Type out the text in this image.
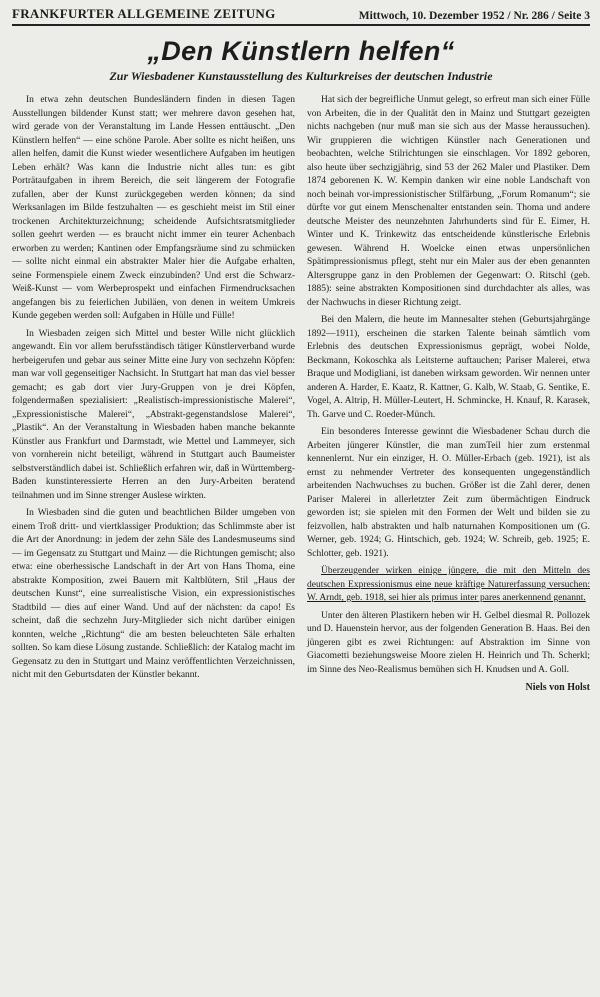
FRANKFURTER ALLGEMEINE ZEITUNG	Mittwoch, 10. Dezember 1952 / Nr. 286 / Seite 3
„Den Künstlern helfen“
Zur Wiesbadener Kunstausstellung des Kulturkreises der deutschen Industrie

In etwa zehn deutschen Bundesländern finden in diesen Tagen Ausstellungen bildender Kunst statt; wer mehrere davon gesehen hat, wird gerade von der Veranstaltung im Lande Hessen enttäuscht. „Den Künstlern helfen“ — eine schöne Parole. Aber sollte es nicht heißen, uns allen helfen, damit die Kunst wieder wesentlichere Aufgaben im heutigen Leben erhält? Was kann die Industrie nicht alles tun: es gibt Porträtaufgaben in ihrem Bereich, die seit längerem der Fotografie zufallen, aber der Kunst zurückgegeben werden können; da sind Werksanlagen im Bilde festzuhalten — es geschieht meist im Stil einer trockenen Architekturzeichnung; scheidende Aufsichtsratsmitglieder sollen geehrt werden — es braucht nicht immer ein teurer Achenbach erworben zu werden; Kantinen oder Empfangsräume sind zu schmücken — sollte nicht einmal ein abstrakter Maler hier die Aufgabe erhalten, seine Formenspiele einem Zweck einzubinden? Und erst die Schwarz-Weiß-Kunst — vom Werbeprospekt und einfachen Firmendrucksachen angefangen bis zu feierlichen Jubiläen, von denen in weitem Umkreis Kunde gegeben werden soll: Aufgaben in Hülle und Fülle!

In Wiesbaden zeigen sich Mittel und bester Wille nicht glücklich angewandt. Ein vor allem berufsständisch tätiger Künstlerverband wurde herbeigerufen und gebar aus seiner Mitte eine Jury von sechzehn Köpfen: man war voll gegenseitiger Nachsicht. In Stuttgart hat man das viel besser gemacht; es gab dort vier Jury-Gruppen von je drei Köpfen, folgendermaßen spezialisiert: „Realistisch-impressionistische Malerei“, „Expressionistische Malerei“, „Abstrakt-gegenstandslose Malerei“, „Plastik“. An der Veranstaltung in Wiesbaden haben manche bekannte Künstler aus Frankfurt und Darmstadt, wie Mettel und Lammeyer, sich von vornherein nicht beteiligt, während in Stuttgart auch Baumeister selbstverständlich dabei ist. Schließlich erfahren wir, daß in Württemberg-Baden kunstinteressierte Herren an den Jury-Arbeiten beratend teilnahmen und im Sinne strenger Auslese wirkten.

In Wiesbaden sind die guten und beachtlichen Bilder umgeben von einem Troß dritt- und viertklassiger Produktion; das Schlimmste aber ist die Art der Anordnung: in jedem der zehn Säle des Landesmuseums sind — im Gegensatz zu Stuttgart und Mainz — die Richtungen gemischt; also etwa: eine oberhessische Landschaft in der Art von Hans Thoma, eine abstrakte Komposition, zwei Bauern mit Kaltblütern, Stil „Haus der deutschen Kunst“, eine surrealistische Vision, ein expressionistisches Stadtbild — dies auf einer Wand. Und auf der nächsten: da capo! Es scheint, daß die sechzehn Jury-Mitglieder sich nicht darüber einigen konnten, welche „Richtung“ die am besten beleuchteten Säle erhalten sollten. So kam diese Lösung zustande. Schließlich: der Katalog macht im Gegensatz zu den in Stuttgart und Mainz veröffentlichten Verzeichnissen, nicht mit den Geburtsdaten der Künstler bekannt.

Hat sich der begreifliche Unmut gelegt, so erfreut man sich einer Fülle von Arbeiten, die in der Qualität den in Mainz und Stuttgart gezeigten nichts nachgeben (nur muß man sie sich aus der Masse heraussuchen). Wir gruppieren die wichtigen Künstler nach Generationen und beobachten, welche Stilrichtungen sie einschlagen. Vor 1892 geboren, also heute über sechzigjährig, sind 53 der 262 Maler und Plastiker. Dem 1874 geborenen K. W. Kempin danken wir eine noble Landschaft von noch beinah vor-impressionistischer Stilfärbung, „Forum Romanum“; sie dürfte vor gut einem Menschenalter entstanden sein. Thoma und andere deutsche Meister des neunzehnten Jahrhunderts sind für E. Eimer, H. Winter und K. Trinkewitz das entscheidende künstlerische Erlebnis gewesen. Während H. Woelcke einen etwas unpersönlichen Spätimpressionismus pflegt, steht nur ein Maler aus der eben genannten Altersgruppe ganz in den Problemen der Gegenwart: O. Ritschl (geb. 1885): seine abstrakten Kompositionen sind durchdachter als alles, was der Nachwuchs in dieser Richtung zeigt.

Bei den Malern, die heute im Mannesalter stehen (Geburtsjahrgänge 1892—1911), erscheinen die starken Talente beinah sämtlich vom Erlebnis des deutschen Expressionismus geprägt, wobei Nolde, Beckmann, Kokoschka als Leitsterne auftauchen; Pariser Malerei, etwa Braque und Modigliani, ist daneben wirksam geworden. Wir nennen unter anderen A. Harder, E. Kaatz, R. Kattner, G. Kalb, W. Staab, G. Sentike, E. Vogel, A. Altrip, H. Müller-Leutert, H. Schmincke, H. Knauf, R. Karasek, Th. Garve und C. Roeder-Münch.

Ein besonderes Interesse gewinnt die Wiesbadener Schau durch die Arbeiten jüngerer Künstler, die man zumTeil hier zum erstenmal kennenlernt. Nur ein einziger, H. O. Müller-Erbach (geb. 1921), ist als ernst zu nehmender Vertreter des konsequenten ungegenständlich arbeitenden Nachwuchses zu buchen. Größer ist die Zahl derer, denen Pariser Malerei in allerletzter Zeit zum übermächtigen Eindruck geworden ist; sie spielen mit den Formen der Welt und bilden sie zu feizvollen, halb abstrakten und halb naturnahen Kompositionen um (G. Werner, geb. 1924; G. Hintschich, geb. 1924; W. Schreib, geb. 1925; E. Schlotter, geb. 1921).

Überzeugender wirken einige jüngere, die mit den Mitteln des deutschen Expressionismus eine neue kräftige Naturerfassung versuchen: W. Arndt, geb. 1918, sei hier als primus inter pares anerkennend genannt.

Unter den älteren Plastikern heben wir H. Gelbel diesmal R. Pollozek und D. Hauenstein hervor, aus der folgenden Generation B. Haas. Bei den jüngeren gibt es zwei Richtungen: auf Abstraktion im Sinne von Giacometti beziehungsweise Moore zielen H. Heinrich und Th. Scherkl; im Sinne des Neo-Realismus bemühen sich H. Knudsen und A. Goll.

Niels von Holst
